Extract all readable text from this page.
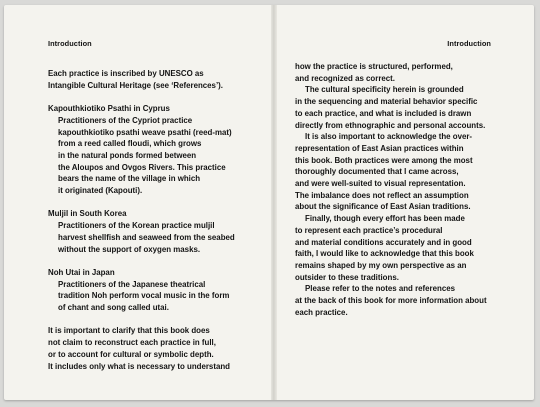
Introduction
Each practice is inscribed by UNESCO as
Intangible Cultural Heritage (see ‘References’).
Kapouthkiotiko Psathi in Cyprus
Practitioners of the Cypriot practice
kapouthkiotiko psathi weave psathi (reed-mat)
from a reed called floudi, which grows
in the natural ponds formed between
the Aloupos and Ovgos Rivers. This practice
bears the name of the village in which
it originated (Kapouti).
Muljil in South Korea
Practitioners of the Korean practice muljil
harvest shellfish and seaweed from the seabed
without the support of oxygen masks.
Noh Utai in Japan
Practitioners of the Japanese theatrical
tradition Noh perform vocal music in the form
of chant and song called utai.
It is important to clarify that this book does
not claim to reconstruct each practice in full,
or to account for cultural or symbolic depth.
It includes only what is necessary to understand
Introduction
how the practice is structured, performed,
and recognized as correct.
The cultural specificity herein is grounded
in the sequencing and material behavior specific
to each practice, and what is included is drawn
directly from ethnographic and personal accounts.
It is also important to acknowledge the over-
representation of East Asian practices within
this book. Both practices were among the most
thoroughly documented that I came across,
and were well-suited to visual representation.
The imbalance does not reflect an assumption
about the significance of East Asian traditions.
Finally, though every effort has been made
to represent each practice’s procedural
and material conditions accurately and in good
faith, I would like to acknowledge that this book
remains shaped by my own perspective as an
outsider to these traditions.
Please refer to the notes and references
at the back of this book for more information about
each practice.
